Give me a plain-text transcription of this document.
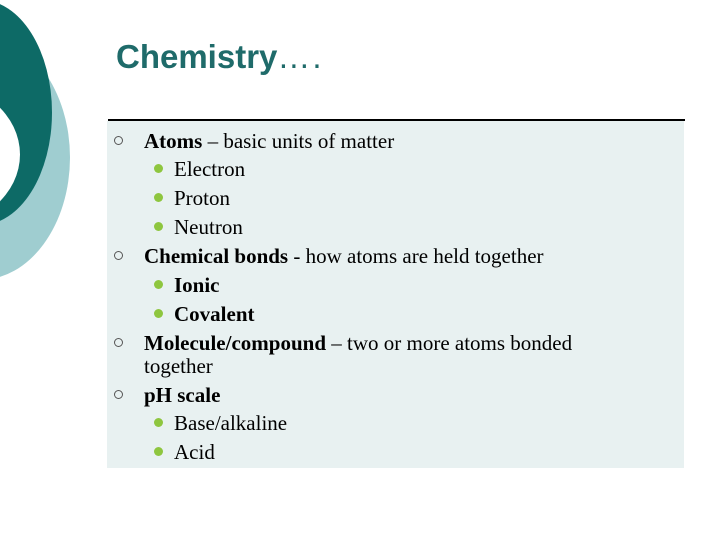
Chemistry….
Atoms – basic units of matter
Electron
Proton
Neutron
Chemical bonds - how atoms are held together
Ionic
Covalent
Molecule/compound – two or more atoms bonded
together
pH scale
Base/alkaline
Acid
